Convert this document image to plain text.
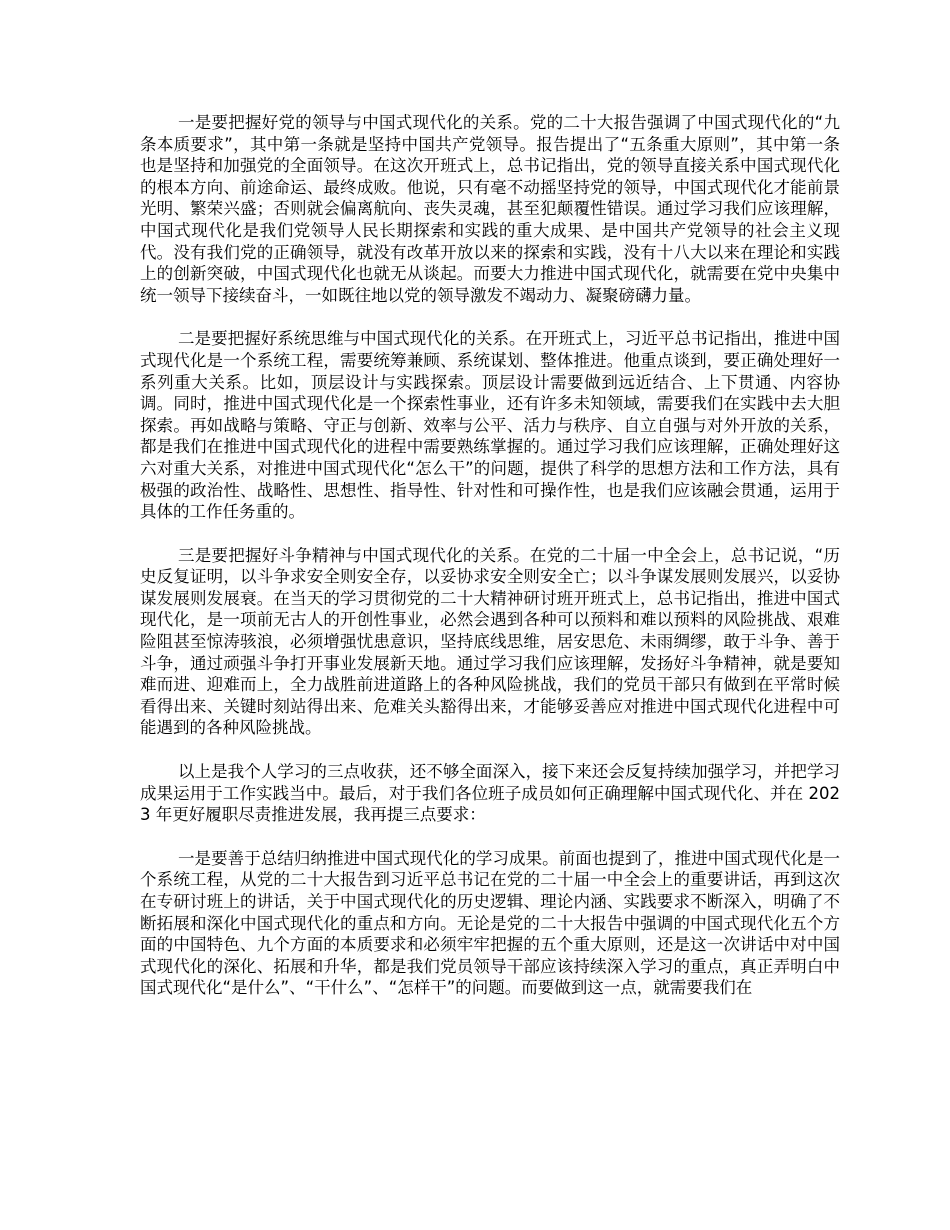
一是要把握好党的领导与中国式现代化的关系。党的二十大报告强调了中国式现代化的“九条本质要求”，其中第一条就是坚持中国共产党领导。报告提出了“五条重大原则”，其中第一条也是坚持和加强党的全面领导。在这次开班式上，总书记指出，党的领导直接关系中国式现代化的根本方向、前途命运、最终成败。他说，只有毫不动摇坚持党的领导，中国式现代化才能前景光明、繁荣兴盛；否则就会偏离航向、丧失灵魂，甚至犯颠覆性错误。通过学习我们应该理解，中国式现代化是我们党领导人民长期探索和实践的重大成果、是中国共产党领导的社会主义现代。没有我们党的正确领导，就没有改革开放以来的探索和实践，没有十八大以来在理论和实践上的创新突破，中国式现代化也就无从谈起。而要大力推进中国式现代化，就需要在党中央集中统一领导下接续奋斗，一如既往地以党的领导激发不竭动力、凝聚磅礴力量。

二是要把握好系统思维与中国式现代化的关系。在开班式上，习近平总书记指出，推进中国式现代化是一个系统工程，需要统筹兼顾、系统谋划、整体推进。他重点谈到，要正确处理好一系列重大关系。比如，顶层设计与实践探索。顶层设计需要做到远近结合、上下贯通、内容协调。同时，推进中国式现代化是一个探索性事业，还有许多未知领域，需要我们在实践中去大胆探索。再如战略与策略、守正与创新、效率与公平、活力与秩序、自立自强与对外开放的关系，都是我们在推进中国式现代化的进程中需要熟练掌握的。通过学习我们应该理解，正确处理好这六对重大关系，对推进中国式现代化“怎么干”的问题，提供了科学的思想方法和工作方法，具有极强的政治性、战略性、思想性、指导性、针对性和可操作性，也是我们应该融会贯通，运用于具体的工作任务重的。

三是要把握好斗争精神与中国式现代化的关系。在党的二十届一中全会上，总书记说，“历史反复证明，以斗争求安全则安全存，以妥协求安全则安全亡；以斗争谋发展则发展兴，以妥协谋发展则发展衰。在当天的学习贯彻党的二十大精神研讨班开班式上，总书记指出，推进中国式现代化，是一项前无古人的开创性事业，必然会遇到各种可以预料和难以预料的风险挑战、艰难险阻甚至惊涛骇浪，必须增强忧患意识，坚持底线思维，居安思危、未雨绸缪，敢于斗争、善于斗争，通过顽强斗争打开事业发展新天地。通过学习我们应该理解，发扬好斗争精神，就是要知难而进、迎难而上，全力战胜前进道路上的各种风险挑战，我们的党员干部只有做到在平常时候看得出来、关键时刻站得出来、危难关头豁得出来，才能够妥善应对推进中国式现代化进程中可能遇到的各种风险挑战。

以上是我个人学习的三点收获，还不够全面深入，接下来还会反复持续加强学习，并把学习成果运用于工作实践当中。最后，对于我们各位班子成员如何正确理解中国式现代化、并在 2023 年更好履职尽责推进发展，我再提三点要求：

一是要善于总结归纳推进中国式现代化的学习成果。前面也提到了，推进中国式现代化是一个系统工程，从党的二十大报告到习近平总书记在党的二十届一中全会上的重要讲话，再到这次在专研讨班上的讲话，关于中国式现代化的历史逻辑、理论内涵、实践要求不断深入，明确了不断拓展和深化中国式现代化的重点和方向。无论是党的二十大报告中强调的中国式现代化五个方面的中国特色、九个方面的本质要求和必须牢牢把握的五个重大原则，还是这一次讲话中对中国式现代化的深化、拓展和升华，都是我们党员领导干部应该持续深入学习的重点，真正弄明白中国式现代化“是什么”、“干什么”、“怎样干”的问题。而要做到这一点，就需要我们在
